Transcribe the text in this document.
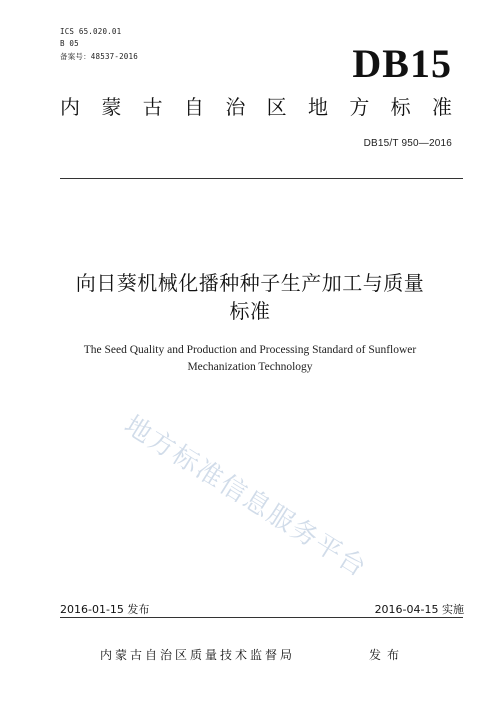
ICS 65.020.01
B 05
备案号：48537-2016	DB15
内蒙古自治区地方标准
DB15/T 950—2016
向日葵机械化播种种子生产加工与质量
标准
The Seed Quality and Production and Processing Standard of Sunflower
Mechanization Technology
地方标准信息服务平台
2016-01-15 发布	2016-04-15 实施
内蒙古自治区质量技术监督局	发布
